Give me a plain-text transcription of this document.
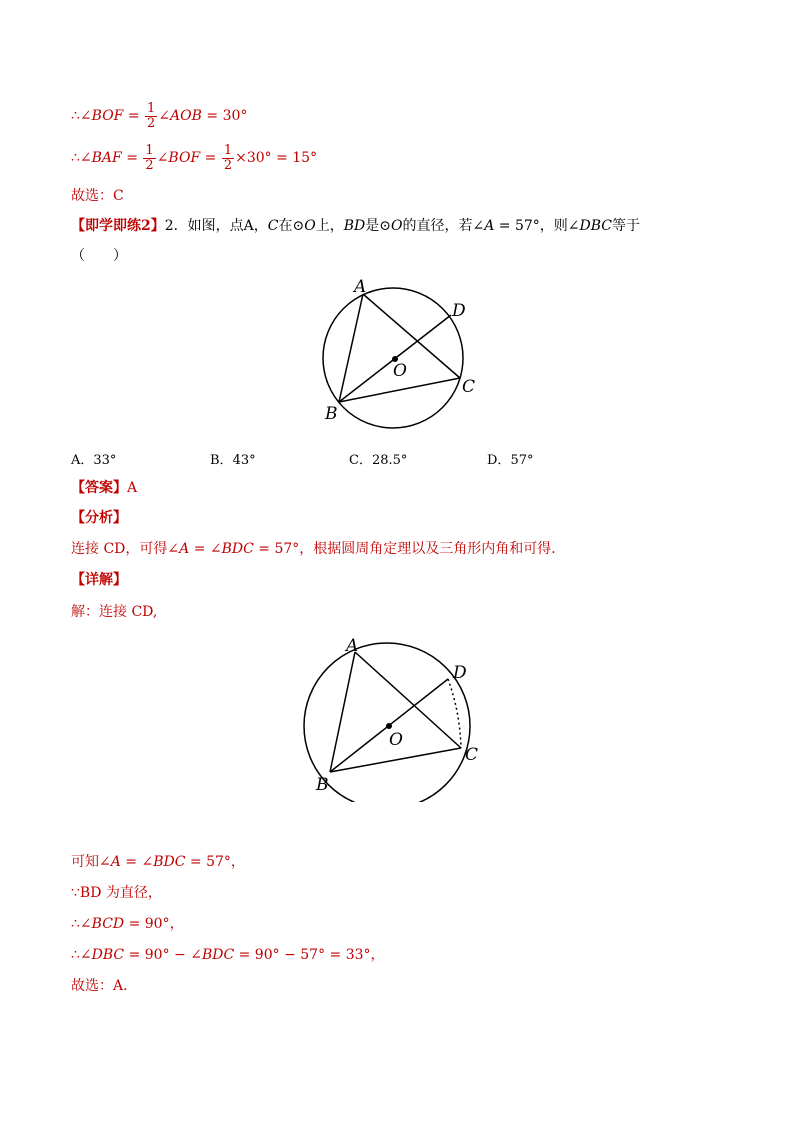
∴∠BOF = $\frac{1}{2}$ ∠AOB = 30°
∴∠BAF = $\frac{1}{2}$ ∠BOF = $\frac{1}{2} \times 30^\circ = 15^\circ$
故选：C
【即学即练2】2．如图，点A，C在⊙O上，BD是⊙O的直径，若∠A = 57°，则∠DBC等于
（　　）
A
D
O
C
B
A．33°	B．43°	C．28.5°	D．57°
【答案】A
【分析】
连接 CD，可得∠A = ∠BDC = 57°，根据圆周角定理以及三角形内角和可得．
【详解】
解：连接 CD,
A
D
O
C
B
可知∠A = ∠BDC = 57°，
∵BD 为直径，
∴∠BCD = 90°，
∴∠DBC = 90° − ∠BDC = 90° − 57° = 33°，
故选：A．
